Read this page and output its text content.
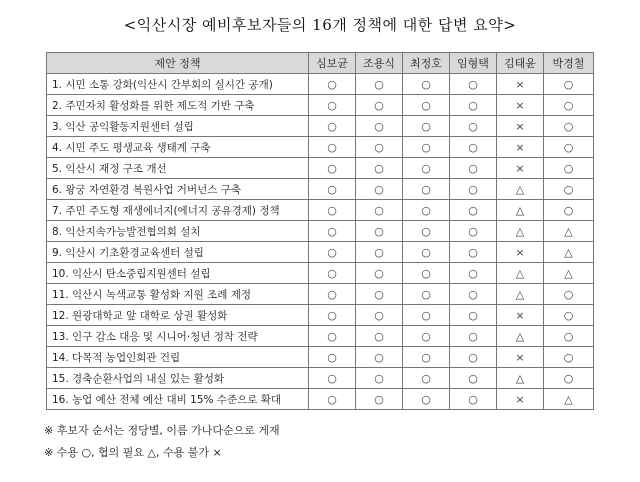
<익산시장 예비후보자들의 16개 정책에 대한 답변 요약>
제안 정책	심보균	조용식	최정호	임형택	김태윤	박경철
1. 시민 소통 강화(익산시 간부회의 실시간 공개)	○	○	○	○	×	○
2. 주민자치 활성화를 위한 제도적 기반 구축	○	○	○	○	×	○
3. 익산 공익활동지원센터 설립	○	○	○	○	×	○
4. 시민 주도 평생교육 생태계 구축	○	○	○	○	×	○
5. 익산시 재정 구조 개선	○	○	○	○	×	○
6. 왕궁 자연환경 복원사업 거버넌스 구축	○	○	○	○	△	○
7. 주민 주도형 재생에너지(에너지 공유경제) 정책	○	○	○	○	△	○
8. 익산지속가능발전협의회 설치	○	○	○	○	△	△
9. 익산시 기초환경교육센터 설립	○	○	○	○	×	△
10. 익산시 탄소중립지원센터 설립	○	○	○	○	△	△
11. 익산시 녹색교통 활성화 지원 조례 제정	○	○	○	○	△	○
12. 원광대학교 앞 대학로 상권 활성화	○	○	○	○	×	○
13. 인구 감소 대응 및 시니어·청년 정착 전략	○	○	○	○	△	○
14. 다목적 농업인회관 건립	○	○	○	○	×	○
15. 경축순환사업의 내실 있는 활성화	○	○	○	○	△	○
16. 농업 예산 전체 예산 대비 15% 수준으로 확대	○	○	○	○	×	△
※ 후보자 순서는 정당별, 이름 가나다순으로 게재
※ 수용 ○, 협의 필요 △, 수용 불가 ×
